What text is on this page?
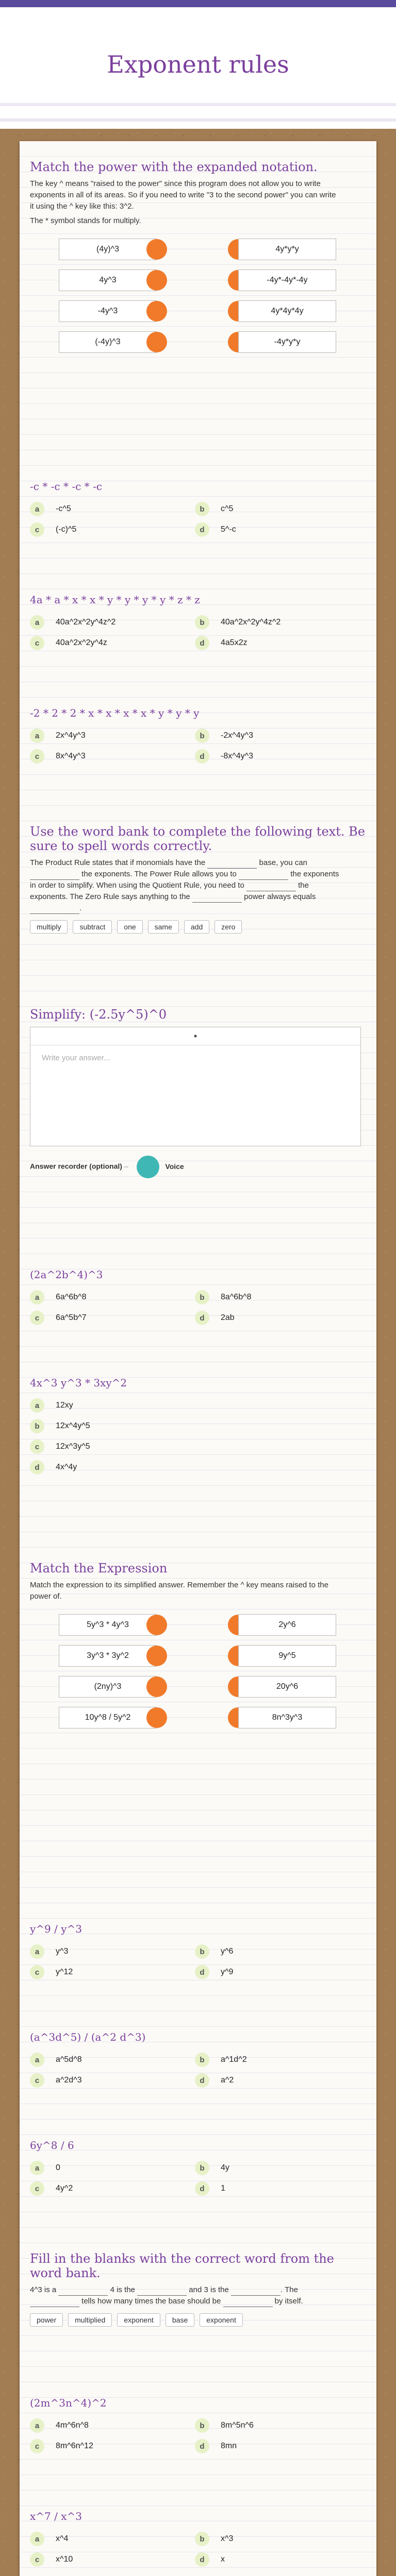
Exponent rules
Match the power with the expanded notation.
The key ^ means "raised to the power" since this program does not allow you to write exponents in all of its areas. So if you need to write "3 to the second power" you can write it using the ^ key like this: 3^2.
The * symbol stands for multiply.
(4y)^3	4y*y*y
4y^3	-4y*-4y*-4y
-4y^3	4y*4y*4y
(-4y)^3	-4y*y*y
-c * -c * -c * -c
a	-c^5	b	c^5
c	(-c)^5	d	5^-c
4a * a * x * x * y * y * y * y * z * z
a	40a^2x^2y^4z^2	b	40a^2x^2y^4z^2
c	40a^2x^2y^4z	d	4a5x2z
-2 * 2 * 2 * x * x * x * x * y * y * y
a	2x^4y^3	b	-2x^4y^3
c	8x^4y^3	d	-8x^4y^3
Use the word bank to complete the following text. Be sure to spell words correctly.
The Product Rule states that if monomials have the	base, you can  the exponents. The Power Rule allows you to	the exponents in order to simplify. When using the Quotient Rule, you need to	the exponents. The Zero Rule says anything to the	power always equals .
multiply	subtract	one	same	add	zero
Simplify: (-2.5y^5)^0
•
Write your answer...
Answer recorder (optional) –	Voice
(2a^2b^4)^3
a	6a^6b^8	b	8a^6b^8
c	6a^5b^7	d	2ab
4x^3 y^3 * 3xy^2
a	12xy
b	12x^4y^5
c	12x^3y^5
d	4x^4y
Match the Expression
Match the expression to its simplified answer. Remember the ^ key means raised to the power of.
5y^3 * 4y^3	2y^6
3y^3 * 3y^2	9y^5
(2ny)^3	20y^6
10y^8 / 5y^2	8n^3y^3
y^9 / y^3
a	y^3	b	y^6
c	y^12	d	y^9
(a^3d^5) / (a^2 d^3)
a	a^5d^8	b	a^1d^2
c	a^2d^3	d	a^2
6y^8 / 6
a	0	b	4y
c	4y^2	d	1
Fill in the blanks with the correct word from the word bank.
4^3 is a	4 is the	and 3 is the	. The  tells how many times the base should be	by itself.
power	multiplied	exponent	base	exponent
(2m^3n^4)^2
a	4m^6n^8	b	8m^5n^6
c	8m^6n^12	d	8mn
x^7 / x^3
a	x^4	b	x^3
c	x^10	d	x
